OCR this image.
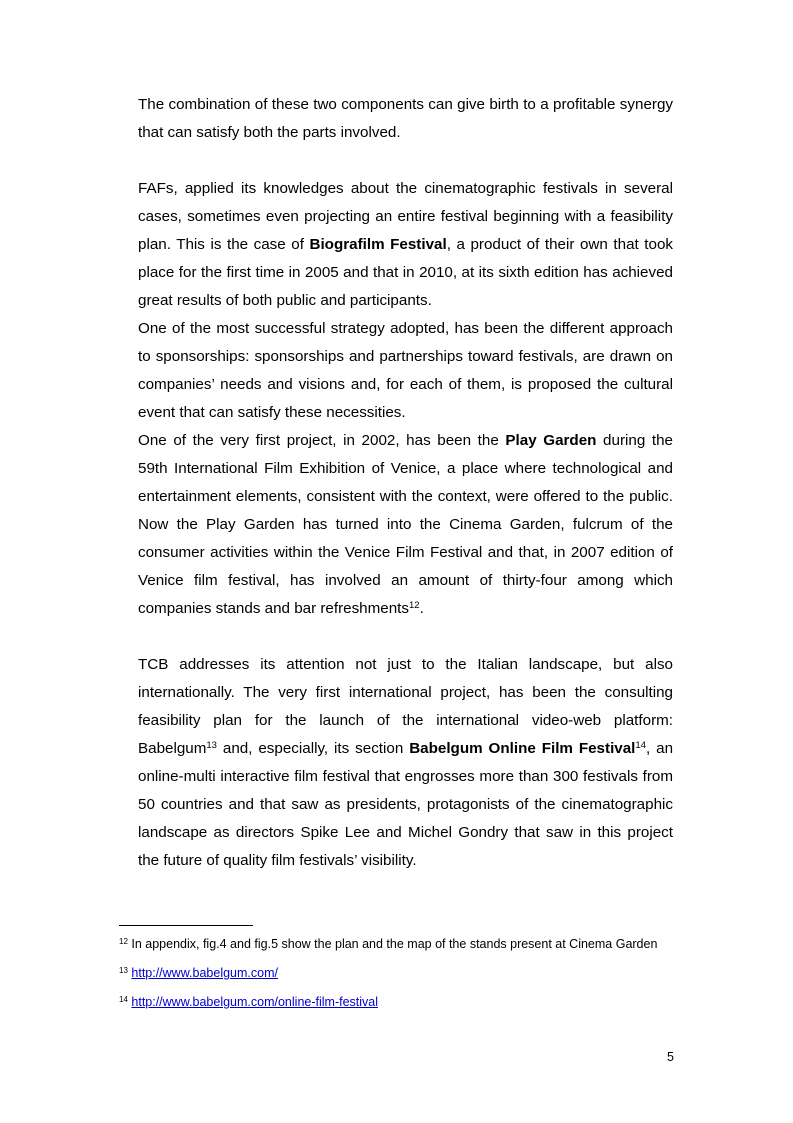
The combination of these two components can give birth to a profitable synergy that can satisfy both the parts involved.

FAFs, applied its knowledges about the cinematographic festivals in several cases, sometimes even projecting an entire festival beginning with a feasibility plan. This is the case of Biografilm Festival, a product of their own that took place for the first time in 2005 and that in 2010, at its sixth edition has achieved great results of both public and participants.

One of the most successful strategy adopted, has been the different approach to sponsorships: sponsorships and partnerships toward festivals, are drawn on companies’ needs and visions and, for each of them, is proposed the cultural event that can satisfy these necessities.

One of the very first project, in 2002, has been the Play Garden during the 59th International Film Exhibition of Venice, a place where technological and entertainment elements, consistent with the context, were offered to the public. Now the Play Garden has turned into the Cinema Garden, fulcrum of the consumer activities within the Venice Film Festival and that, in 2007 edition of Venice film festival, has involved an amount of thirty-four among which companies stands and bar refreshments$^{12}$.

TCB addresses its attention not just to the Italian landscape, but also internationally. The very first international project, has been the consulting feasibility plan for the launch of the international video-web platform: Babelgum$^{13}$ and, especially, its section Babelgum Online Film Festival$^{14}$, an online-multi interactive film festival that engrosses more than 300 festivals from 50 countries and that saw as presidents, protagonists of the cinematographic landscape as directors Spike Lee and Michel Gondry that saw in this project the future of quality film festivals’ visibility.

$^{12}$ In appendix, fig.4 and fig.5 show the plan and the map of the stands present at Cinema Garden

$^{13}$ http://www.babelgum.com/

$^{14}$ http://www.babelgum.com/online-film-festival

5
